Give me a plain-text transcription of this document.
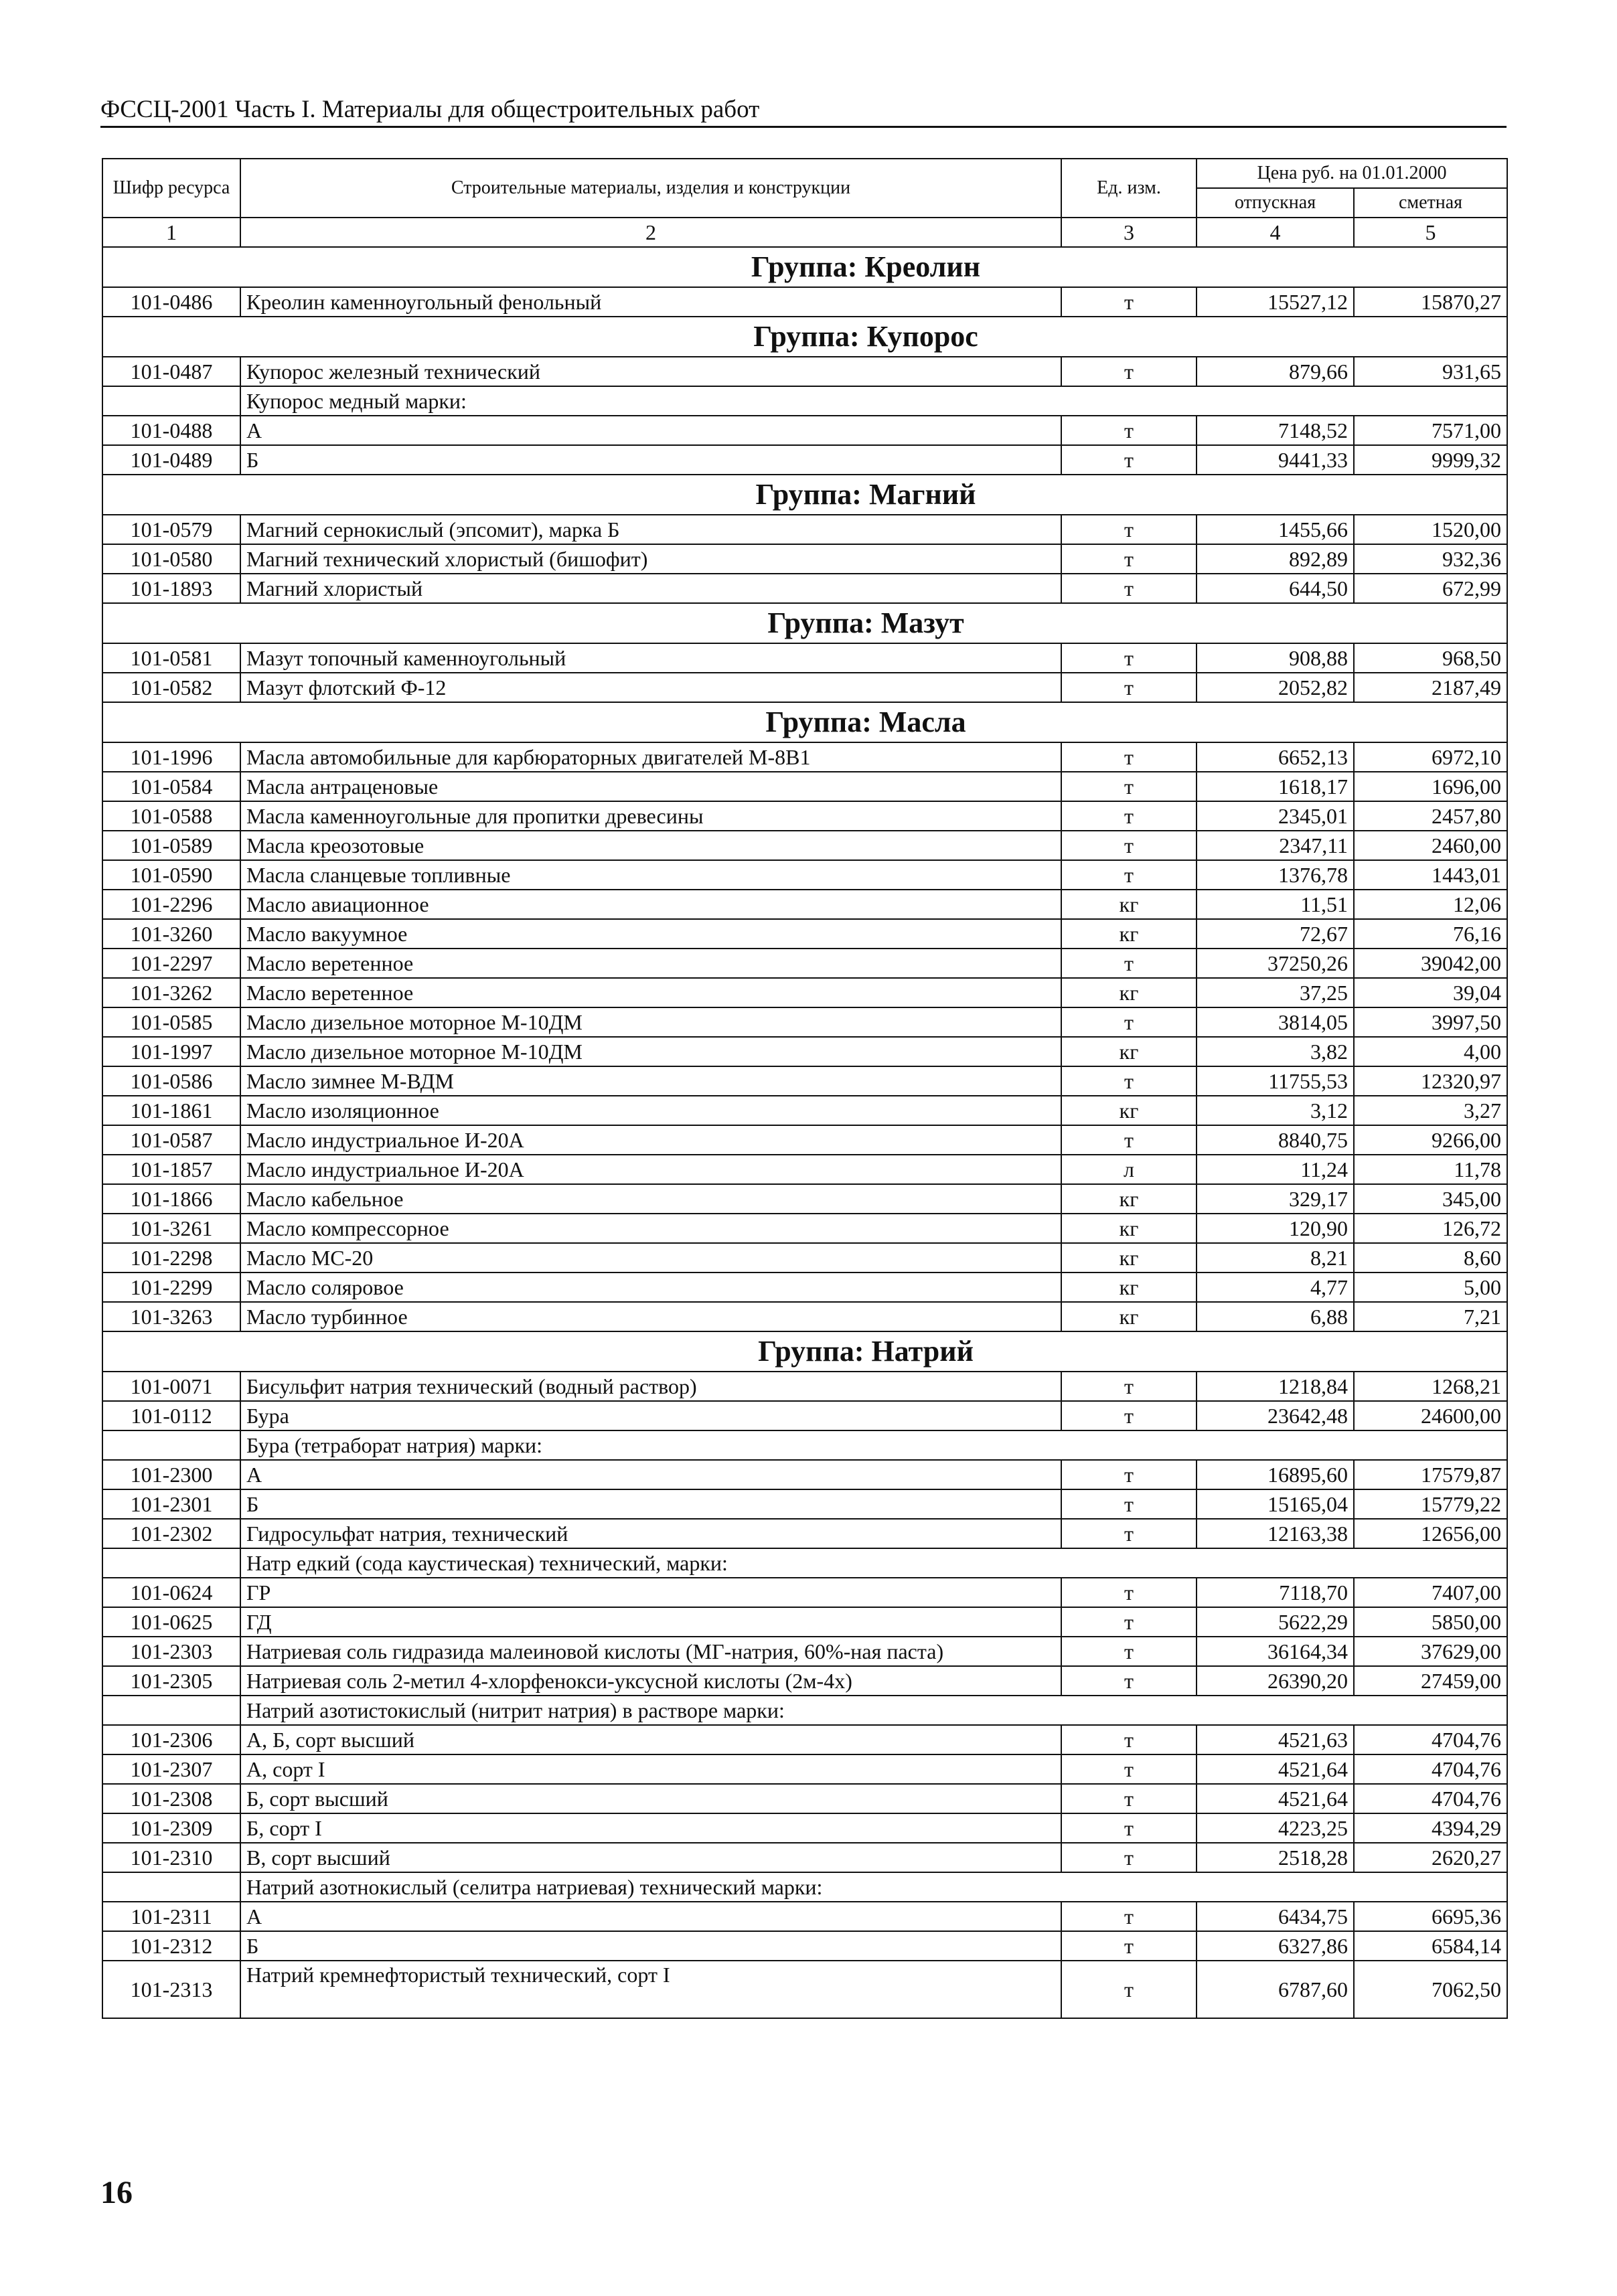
ФССЦ-2001 Часть I. Материалы для общестроительных работ
Шифр ресурса	Строительные материалы, изделия и конструкции	Ед. изм.	Цена руб. на 01.01.2000	
			отпускная	сметная
1	2	3	4	5
Группа: Креолин				
101-0486	Креолин каменноугольный фенольный	т	15527,12	15870,27
Группа: Купорос				
101-0487	Купорос железный технический	т	879,66	931,65
	Купорос медный марки:			
101-0488	А	т	7148,52	7571,00
101-0489	Б	т	9441,33	9999,32
Группа: Магний				
101-0579	Магний сернокислый (эпсомит), марка Б	т	1455,66	1520,00
101-0580	Магний технический хлористый (бишофит)	т	892,89	932,36
101-1893	Магний хлористый	т	644,50	672,99
Группа: Мазут				
101-0581	Мазут топочный каменноугольный	т	908,88	968,50
101-0582	Мазут флотский Ф-12	т	2052,82	2187,49
Группа: Масла				
101-1996	Масла автомобильные для карбюраторных двигателей М-8В1	т	6652,13	6972,10
101-0584	Масла антраценовые	т	1618,17	1696,00
101-0588	Масла каменноугольные для пропитки древесины	т	2345,01	2457,80
101-0589	Масла креозотовые	т	2347,11	2460,00
101-0590	Масла сланцевые топливные	т	1376,78	1443,01
101-2296	Масло авиационное	кг	11,51	12,06
101-3260	Масло вакуумное	кг	72,67	76,16
101-2297	Масло веретенное	т	37250,26	39042,00
101-3262	Масло веретенное	кг	37,25	39,04
101-0585	Масло дизельное моторное М-10ДМ	т	3814,05	3997,50
101-1997	Масло дизельное моторное М-10ДМ	кг	3,82	4,00
101-0586	Масло зимнее М-ВДМ	т	11755,53	12320,97
101-1861	Масло изоляционное	кг	3,12	3,27
101-0587	Масло индустриальное И-20А	т	8840,75	9266,00
101-1857	Масло индустриальное И-20А	л	11,24	11,78
101-1866	Масло кабельное	кг	329,17	345,00
101-3261	Масло компрессорное	кг	120,90	126,72
101-2298	Масло МС-20	кг	8,21	8,60
101-2299	Масло соляровое	кг	4,77	5,00
101-3263	Масло турбинное	кг	6,88	7,21
Группа: Натрий				
101-0071	Бисульфит натрия технический (водный раствор)	т	1218,84	1268,21
101-0112	Бура	т	23642,48	24600,00
	Бура (тетраборат натрия) марки:			
101-2300	А	т	16895,60	17579,87
101-2301	Б	т	15165,04	15779,22
101-2302	Гидросульфат натрия, технический	т	12163,38	12656,00
	Натр едкий (сода каустическая) технический, марки:			
101-0624	ГР	т	7118,70	7407,00
101-0625	ГД	т	5622,29	5850,00
101-2303	Натриевая соль гидразида малеиновой кислоты (МГ-натрия, 60%-ная паста)	т	36164,34	37629,00
101-2305	Натриевая соль 2-метил 4-хлорфенокси-уксусной кислоты (2м-4х)	т	26390,20	27459,00
	Натрий азотистокислый (нитрит натрия) в растворе марки:			
101-2306	А, Б, сорт высший	т	4521,63	4704,76
101-2307	А, сорт I	т	4521,64	4704,76
101-2308	Б, сорт высший	т	4521,64	4704,76
101-2309	Б, сорт I	т	4223,25	4394,29
101-2310	В, сорт высший	т	2518,28	2620,27
	Натрий азотнокислый (селитра натриевая) технический марки:			
101-2311	А	т	6434,75	6695,36
101-2312	Б	т	6327,86	6584,14
101-2313	Натрий кремнефтористый технический, сорт I	т	6787,60	7062,50
16
